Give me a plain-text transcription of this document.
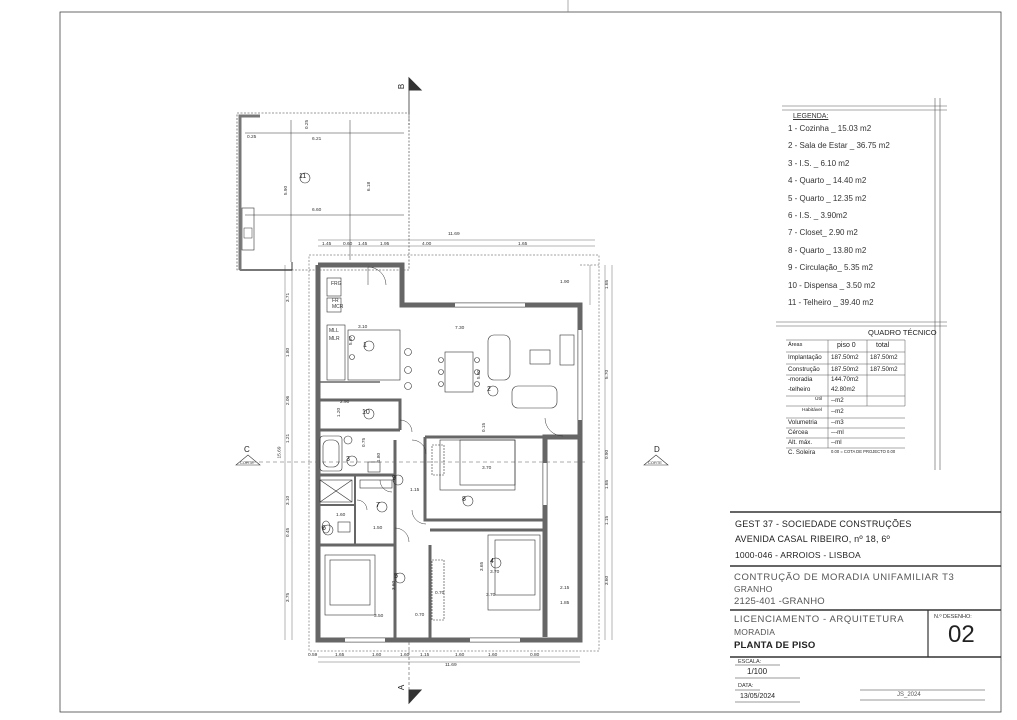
LEGENDA:
1 - Cozinha _ 15.03 m2
2 - Sala de Estar _ 36.75 m2
3 - I.S. _ 6.10 m2
4 - Quarto _ 14.40 m2
5 - Quarto _ 12.35 m2
6 - I.S. _ 3.90m2
7 - Closet_ 2.90 m2
8 - Quarto _ 13.80 m2
9 - Circulação_ 5.35 m2
10 - Dispensa _ 3.50 m2
11 - Telheiro _ 39.40 m2
QUADRO TÉCNICO
Áreas	piso 0	total
Implantação 187.50m2 187.50m2
Construção 187.50m2 187.50m2
-moradia	144.70m2
-telheiro	42.80m2
Útil --m2
Habitável --m2
Volumetria --m3
Cércea	---ml
Alt. máx.	--ml
C. Soleira	0.00 = COTA DE PROJECTO 0.00
GEST 37 - SOCIEDADE CONSTRUÇÕES
AVENIDA CASAL RIBEIRO, nº 18, 6º
1000-046 - ARROIOS - LISBOA
CONTRUÇÃO DE MORADIA UNIFAMILIAR T3
GRANHO
2125-401 -GRANHO
LICENCIAMENTO - ARQUITETURA
MORADIA
PLANTA DE PISO
N.º DESENHO:
02
ESCALA:
1/100
DATA:
13/05/2024	JS_2024
1
2
3
4
5
6
7
8
9
10
11
FRG
FR
MCR
MLL
MLR
A
B
C	D
CORTE	CORTE
1.45 0.60 1.45	1.95	4.00	1.65
11.69
0.59	1.65	1.60	1.60 1.15	1.60	1.60	0.80
11.69
3.71
1.80
2.06
1.21
3.10
3.75
0.45
15.69
1.65
5.70
0.90
1.65
1.15
3.60
0.25	6.21
0.25
5.90	6.18
6.60
3.10
5.07
7.30
5.00
0.15
3.70
3.70
3.70
3.50
3.60
3.65
2.15
1.85
2.90
1.20
1.60
1.50
1.15
0.70
0.70
1.80
0.75
1.90
